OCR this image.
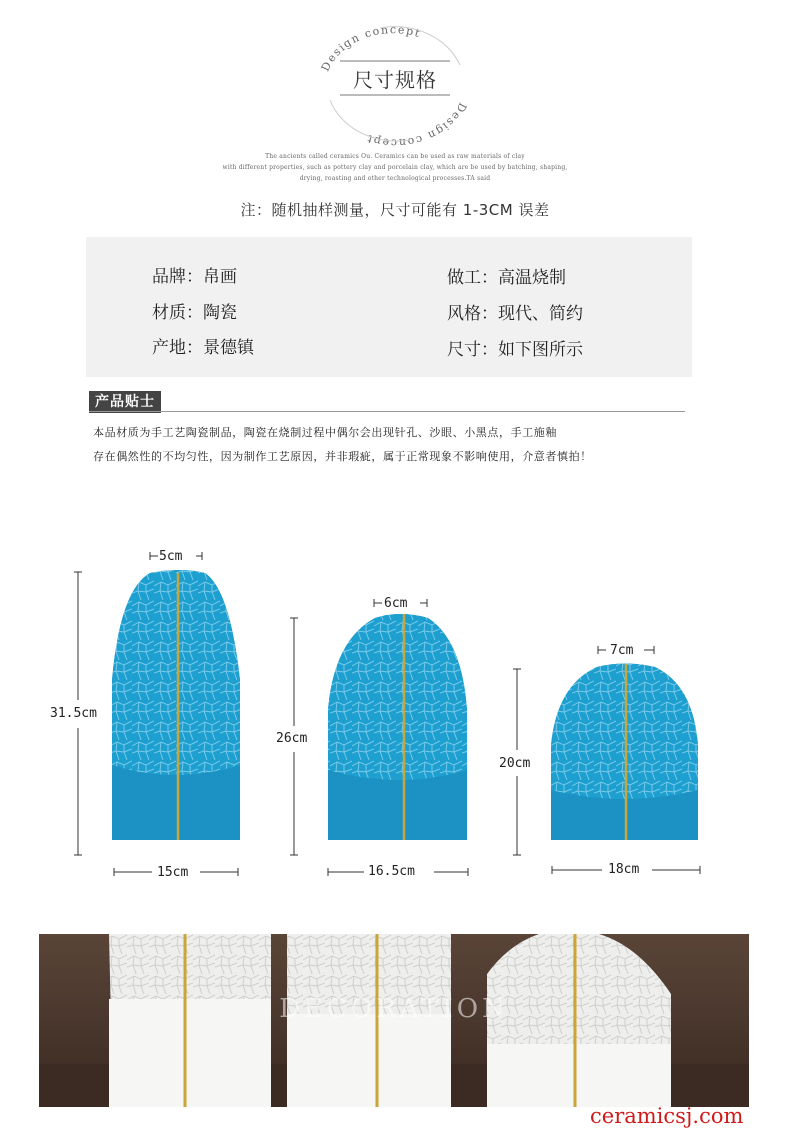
Design concept
Design concept
尺寸规格
The ancients called ceramics Ou. Ceramics can be used as raw materials of clay
with different properties, such as pottery clay and porcelain clay, which are be used by batching, shaping,
drying, roasting and other technological processes.TA said
注：随机抽样测量，尺寸可能有 1-3CM 误差
品牌：帛画
材质：陶瓷
产地：景德镇
做工：高温烧制
风格：现代、简约
尺寸：如下图所示
产品贴士
本品材质为手工艺陶瓷制品，陶瓷在烧制过程中偶尔会出现针孔、沙眼、小黑点，手工施釉
存在偶然性的不均匀性，因为制作工艺原因，并非瑕疵，属于正常现象不影响使用，介意者慎拍！
5cm
6cm
7cm
31.5cm
26cm
20cm
15cm	16.5cm	18cm
DECORATION
ceramicsj.com
